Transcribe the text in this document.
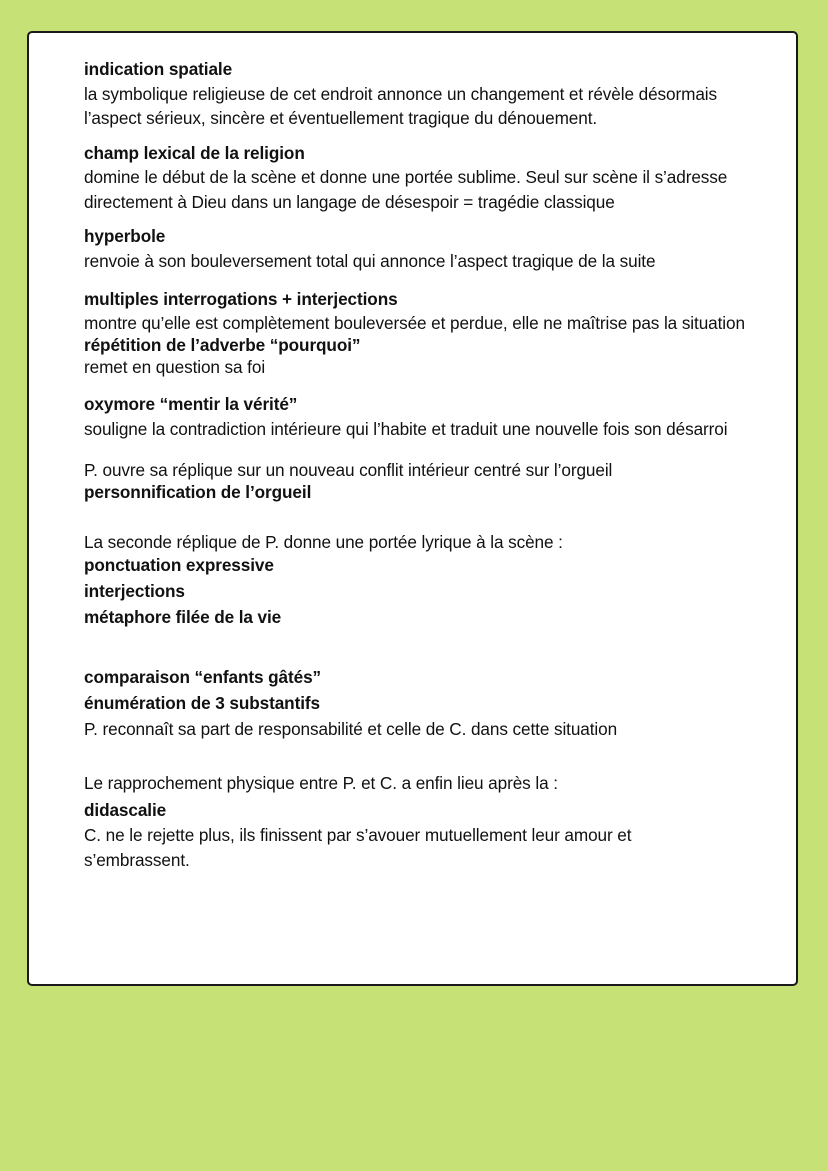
indication spatiale

la symbolique religieuse de cet endroit annonce un changement et révèle désormais l’aspect sérieux, sincère et éventuellement tragique du dénouement.

champ lexical de la religion

domine le début de la scène et donne une portée sublime. Seul sur scène il s’adresse directement à Dieu dans un langage de désespoir = tragédie classique

hyperbole

renvoie à son bouleversement total qui annonce l’aspect tragique de la suite

multiples interrogations + interjections

montre qu’elle est complètement bouleversée et perdue, elle ne maîtrise pas la situation

répétition de l’adverbe “pourquoi”

remet en question sa foi

oxymore “mentir la vérité”

souligne la contradiction intérieure qui l’habite et traduit une nouvelle fois son désarroi

P. ouvre sa réplique sur un nouveau conflit intérieur centré sur l’orgueil

personnification de l’orgueil

La seconde réplique de P. donne une portée lyrique à la scène :

ponctuation expressive

interjections

métaphore filée de la vie

comparaison “enfants gâtés”

énumération de 3 substantifs

P. reconnaît sa part de responsabilité et celle de C. dans cette situation

Le rapprochement physique entre P. et C. a enfin lieu après la :

didascalie

C. ne le rejette plus, ils finissent par s’avouer mutuellement leur amour et s’embrassent.
